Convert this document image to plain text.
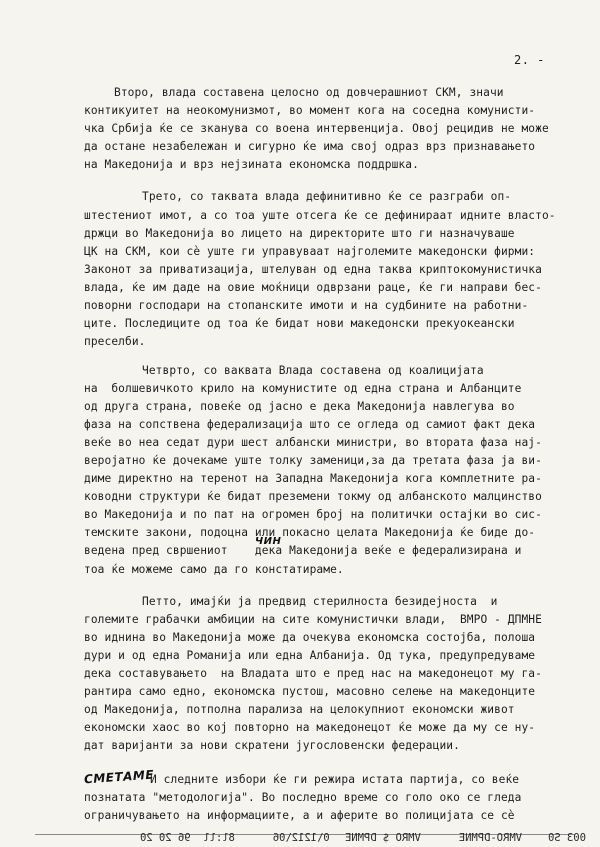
2. -
Второ, влада составена целосно од довчерашниот СКМ, значи
контикуитет на неокомунизмот, во момент кога на соседна комунисти-
чка Србија ќе се зканува со воена интервенција. Овој рецидив не може
да остане незабележан и сигурно ќе има свој одраз врз признавањето
на Македонија и врз нејзината економска поддршка.
Трето, со таквата влада дефинитивно ќе се разграби оп-
штестениот имот, а со тоа уште отсега ќе се дефинираат идните власто-
држци во Македонија во лицето на директорите што ги назначуваше
ЦК на СКМ, кои сè уште ги управуваат најголемите македонски фирми:
Законот за приватизација, штелуван од една таква криптокомунистичка
влада, ќе им даде на овие моќници одврзани раце, ќе ги направи бес-
поворни господари на стопанските имоти и на судбините на работни-
ците. Последиците од тоа ќе бидат нови македонски прекуокеански
преселби.
Четврто, со ваквата Влада составена од коалицијата
на  болшевичкото крило на комунистите од една страна и Албанците
од друга страна, повеќе од јасно е дека Македонија навлегува во
фаза на сопствена федерализација што се огледа од самиот факт дека
веќе во неа седат дури шест албански министри, во втората фаза нај-
веројатно ќе дочекаме уште толку заменици,за да третата фаза ја ви-
диме директно на теренот на Западна Македонија кога комплетните ра-
ководни структури ќе бидат преземени токму од албанското малцинство
во Македонија и по пат на огромен број на политички остајки во сис-
темските закони, подоцна или покасно целата Македонија ќе биде до-
ведена пред свршениот    дека Македонија веќе е федерализирана и
тоа ќе можеме само да го констатираме.
ЧИН
Петто, имајќи ја предвид стерилноста безидејноста  и
големите грабачки амбиции на сите комунистички влади,  ВМРО - ДПМНЕ
во иднина во Македонија може да очекува економска состојба, полоша
дури и од една Романија или една Албанија. Од тука, предупредуваме
дека составувањето  на Владата што е пред нас на македонецот му га-
рантира само едно, економска пустош, масовно селење на македонците
од Македонија, потполна парализа на целокупниот економски живот
економски хаос во кој повторно на македонецот ќе може да му се ну-
дат варијанти за нови скратени југословенски федерации.
СМЕТАМЕ
И следните избори ќе ги режира истата партија, со веќе
познатата "методологија". Во последно време со голо око се гледа
ограничувањето на информациите, а и аферите во полицијата се сè
003 S0
VMRO-DPMNE      VMRO $ DPMNE
0\1212\06      8l:ll  96 20 20
